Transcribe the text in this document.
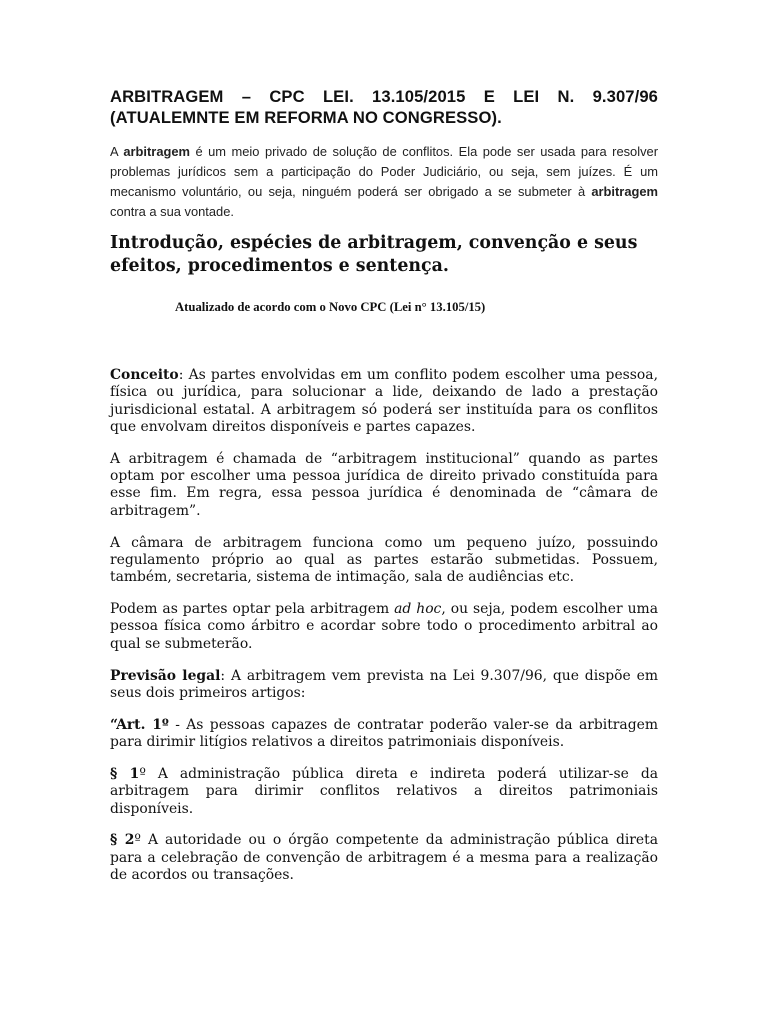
ARBITRAGEM – CPC LEI. 13.105/2015 E LEI N. 9.307/96 (ATUALEMNTE EM REFORMA NO CONGRESSO).

A arbitragem é um meio privado de solução de conflitos. Ela pode ser usada para resolver problemas jurídicos sem a participação do Poder Judiciário, ou seja, sem juízes. É um mecanismo voluntário, ou seja, ninguém poderá ser obrigado a se submeter à arbitragem contra a sua vontade.

Introdução, espécies de arbitragem, convenção e seus efeitos, procedimentos e sentença.

Atualizado de acordo com o Novo CPC (Lei n° 13.105/15)

Conceito: As partes envolvidas em um conflito podem escolher uma pessoa, física ou jurídica, para solucionar a lide, deixando de lado a prestação jurisdicional estatal. A arbitragem só poderá ser instituída para os conflitos que envolvam direitos disponíveis e partes capazes.

A arbitragem é chamada de “arbitragem institucional” quando as partes optam por escolher uma pessoa jurídica de direito privado constituída para esse fim. Em regra, essa pessoa jurídica é denominada de “câmara de arbitragem”.

A câmara de arbitragem funciona como um pequeno juízo, possuindo regulamento próprio ao qual as partes estarão submetidas. Possuem, também, secretaria, sistema de intimação, sala de audiências etc.

Podem as partes optar pela arbitragem ad hoc, ou seja, podem escolher uma pessoa física como árbitro e acordar sobre todo o procedimento arbitral ao qual se submeterão.

Previsão legal: A arbitragem vem prevista na Lei 9.307/96, que dispõe em seus dois primeiros artigos:

“Art. 1º - As pessoas capazes de contratar poderão valer-se da arbitragem para dirimir litígios relativos a direitos patrimoniais disponíveis.

§ 1º A administração pública direta e indireta poderá utilizar-se da arbitragem para dirimir conflitos relativos a direitos patrimoniais disponíveis.

§ 2º A autoridade ou o órgão competente da administração pública direta para a celebração de convenção de arbitragem é a mesma para a realização de acordos ou transações.
